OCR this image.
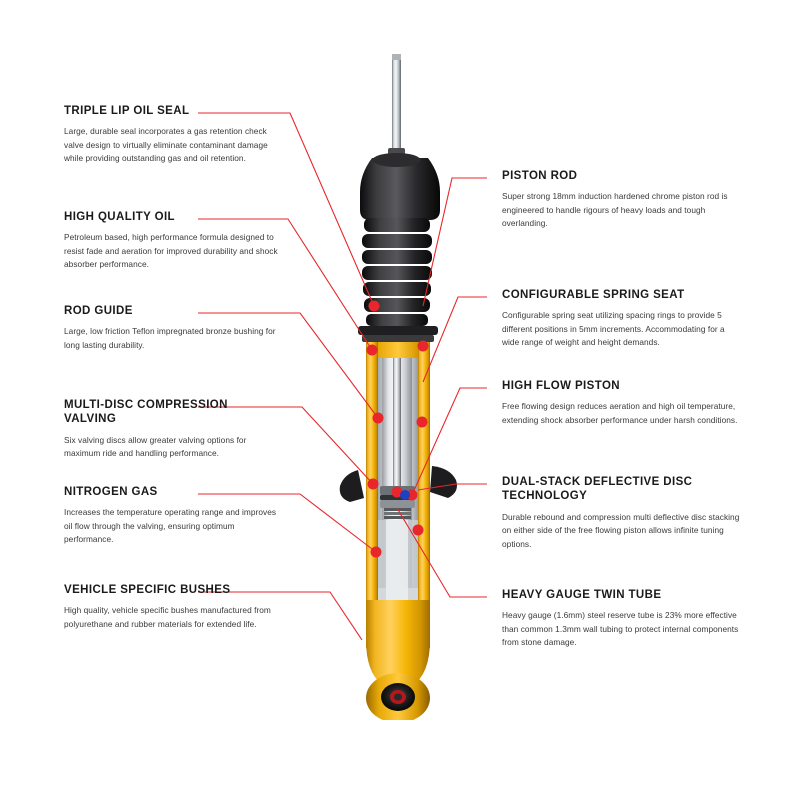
TRIPLE LIP OIL SEAL
Large, durable seal incorporates a gas retention check valve design to virtually eliminate contaminant damage while providing outstanding gas and oil retention.
HIGH QUALITY OIL
Petroleum based, high performance formula designed to resist fade and aeration for improved durability and shock absorber performance.
ROD GUIDE
Large, low friction Teflon impregnated bronze bushing for long lasting durability.
MULTI-DISC COMPRESSION VALVING
Six valving discs allow greater valving options for maximum ride and handling performance.
NITROGEN GAS
Increases the temperature operating range and improves oil flow through the valving, ensuring optimum performance.
VEHICLE SPECIFIC BUSHES
High quality, vehicle specific bushes manufactured from polyurethane and rubber materials for extended life.
PISTON ROD
Super strong 18mm induction hardened chrome piston rod is engineered to handle rigours of heavy loads and tough overlanding.
CONFIGURABLE SPRING SEAT
Configurable spring seat utilizing spacing rings to provide 5 different positions in 5mm increments. Accommodating for a wide range of weight and height demands.
HIGH FLOW PISTON
Free flowing design reduces aeration and high oil temperature, extending shock absorber performance under harsh conditions.
DUAL-STACK DEFLECTIVE DISC TECHNOLOGY
Durable rebound and compression multi deflective disc stacking on either side of the free flowing piston allows infinite tuning options.
HEAVY GAUGE TWIN TUBE
Heavy gauge (1.6mm) steel reserve tube is 23% more effective than common 1.3mm wall tubing to protect internal components from stone damage.
